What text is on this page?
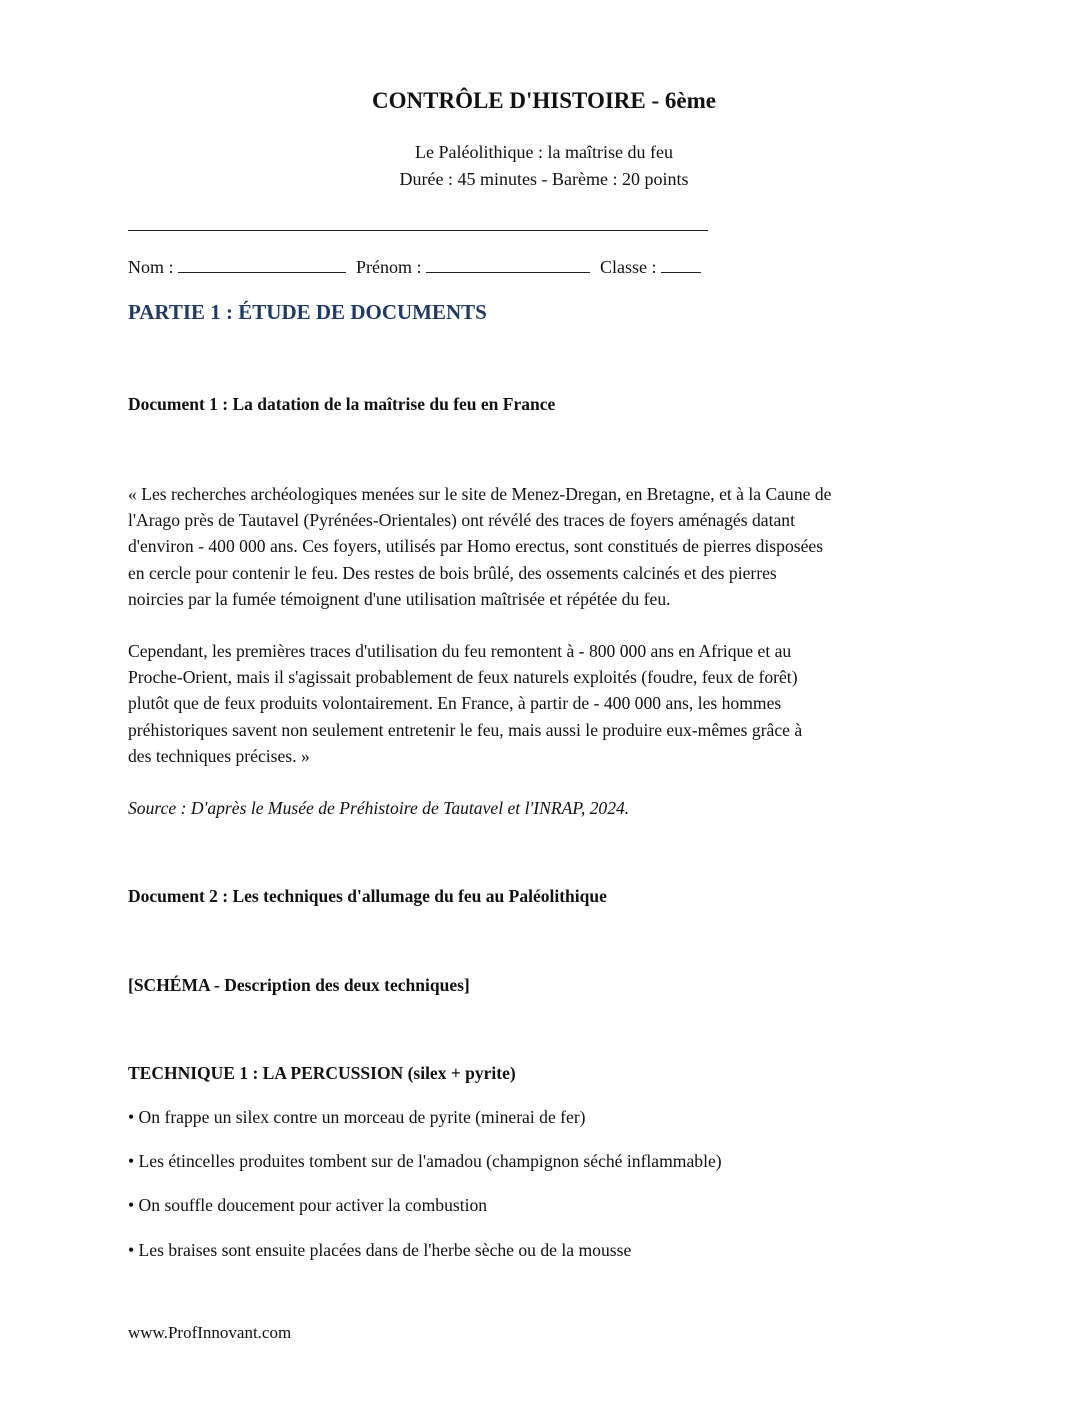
CONTRÔLE D'HISTOIRE - 6ème
Le Paléolithique : la maîtrise du feu
Durée : 45 minutes - Barème : 20 points
Nom :	Prénom :	Classe :
PARTIE 1 : ÉTUDE DE DOCUMENTS
Document 1 : La datation de la maîtrise du feu en France
« Les recherches archéologiques menées sur le site de Menez-Dregan, en Bretagne, et à la Caune de
l'Arago près de Tautavel (Pyrénées-Orientales) ont révélé des traces de foyers aménagés datant
d'environ - 400 000 ans. Ces foyers, utilisés par Homo erectus, sont constitués de pierres disposées
en cercle pour contenir le feu. Des restes de bois brûlé, des ossements calcinés et des pierres
noircies par la fumée témoignent d'une utilisation maîtrisée et répétée du feu.
Cependant, les premières traces d'utilisation du feu remontent à - 800 000 ans en Afrique et au
Proche-Orient, mais il s'agissait probablement de feux naturels exploités (foudre, feux de forêt)
plutôt que de feux produits volontairement. En France, à partir de - 400 000 ans, les hommes
préhistoriques savent non seulement entretenir le feu, mais aussi le produire eux-mêmes grâce à
des techniques précises. »
Source : D'après le Musée de Préhistoire de Tautavel et l'INRAP, 2024.
Document 2 : Les techniques d'allumage du feu au Paléolithique
[SCHÉMA - Description des deux techniques]
TECHNIQUE 1 : LA PERCUSSION (silex + pyrite)
• On frappe un silex contre un morceau de pyrite (minerai de fer)
• Les étincelles produites tombent sur de l'amadou (champignon séché inflammable)
• On souffle doucement pour activer la combustion
• Les braises sont ensuite placées dans de l'herbe sèche ou de la mousse
www.ProfInnovant.com
